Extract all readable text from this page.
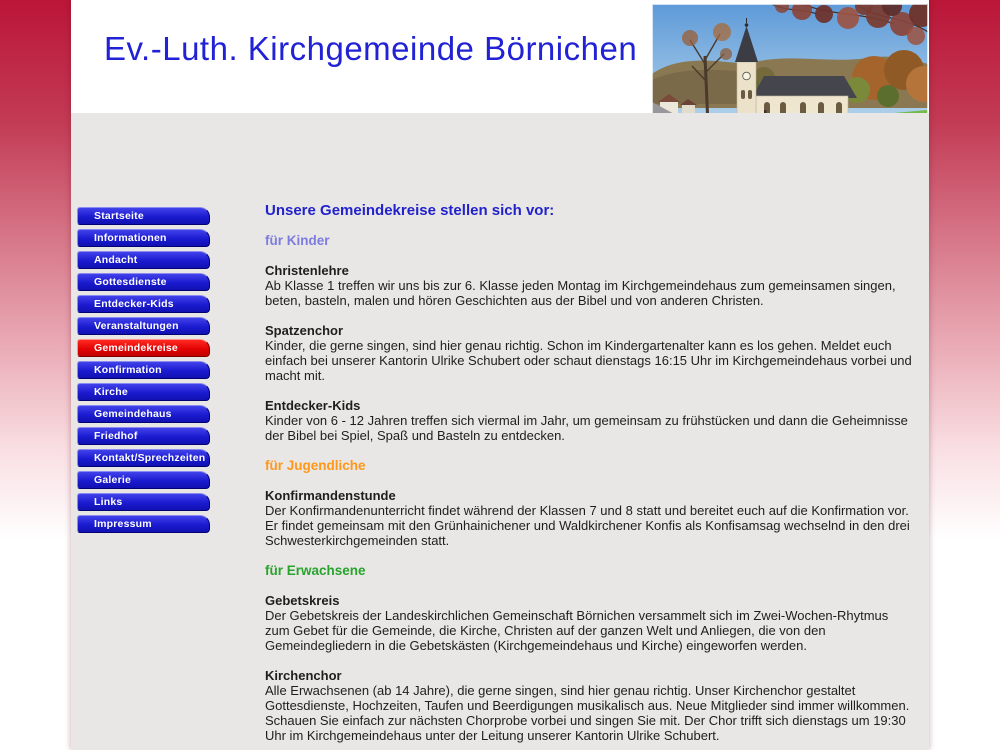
Ev.-Luth. Kirchgemeinde Börnichen
Startseite
Informationen
Andacht
Gottesdienste
Entdecker-Kids
Veranstaltungen
Gemeindekreise
Konfirmation
Kirche
Gemeindehaus
Friedhof
Kontakt/Sprechzeiten
Galerie
Links
Impressum
Unsere Gemeindekreise stellen sich vor:
für Kinder
Christenlehre
Ab Klasse 1 treffen wir uns bis zur 6. Klasse jeden Montag im Kirchgemeindehaus zum gemeinsamen singen, beten, basteln, malen und hören Geschichten aus der Bibel und von anderen Christen.
Spatzenchor
Kinder, die gerne singen, sind hier genau richtig. Schon im Kindergartenalter kann es los gehen. Meldet euch einfach bei unserer Kantorin Ulrike Schubert oder schaut dienstags 16:15 Uhr im Kirchgemeindehaus vorbei und macht mit.
Entdecker-Kids
Kinder von 6 - 12 Jahren treffen sich viermal im Jahr, um gemeinsam zu frühstücken und dann die Geheimnisse der Bibel bei Spiel, Spaß und Basteln zu entdecken.
für Jugendliche
Konfirmandenstunde
Der Konfirmandenunterricht findet während der Klassen 7 und 8 statt und bereitet euch auf die Konfirmation vor. Er findet gemeinsam mit den Grünhainichener und Waldkirchener Konfis als Konfisamsag wechselnd in den drei Schwesterkirchgemeinden statt.
für Erwachsene
Gebetskreis
Der Gebetskreis der Landeskirchlichen Gemeinschaft Börnichen versammelt sich im Zwei-Wochen-Rhytmus zum Gebet für die Gemeinde, die Kirche, Christen auf der ganzen Welt und Anliegen, die von den Gemeindegliedern in die Gebetskästen (Kirchgemeindehaus und Kirche) eingeworfen werden.
Kirchenchor
Alle Erwachsenen (ab 14 Jahre), die gerne singen, sind hier genau richtig. Unser Kirchenchor gestaltet Gottesdienste, Hochzeiten, Taufen und Beerdigungen musikalisch aus. Neue Mitglieder sind immer willkommen. Schauen Sie einfach zur nächsten Chorprobe vorbei und singen Sie mit. Der Chor trifft sich dienstags um 19:30 Uhr im Kirchgemeindehaus unter der Leitung unserer Kantorin Ulrike Schubert.
